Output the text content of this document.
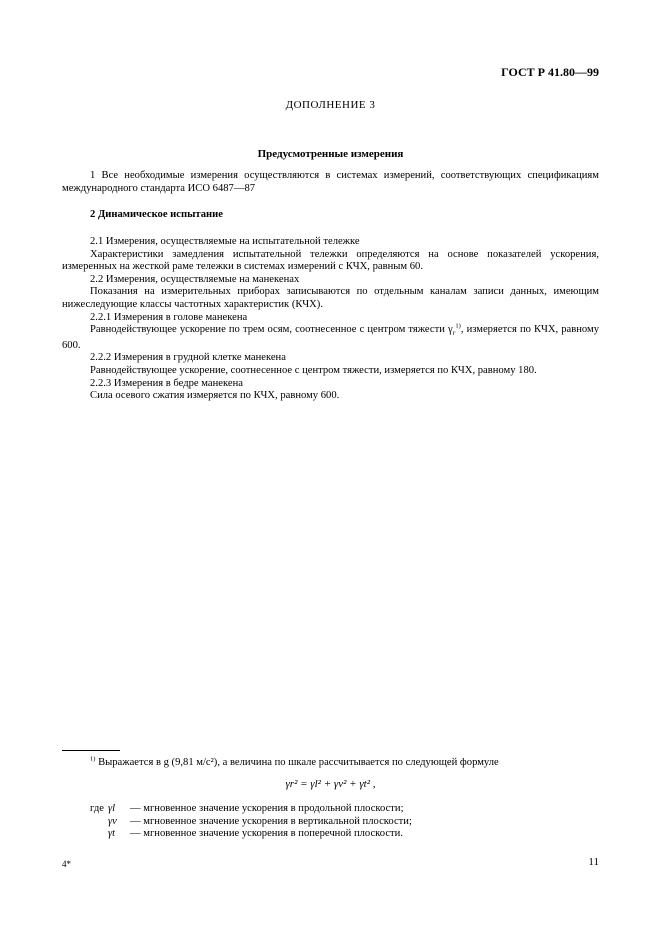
ГОСТ Р 41.80—99
ДОПОЛНЕНИЕ 3
Предусмотренные измерения

1 Все необходимые измерения осуществляются в системах измерений, соответствующих спецификациям международного стандарта ИСО 6487—87

2 Динамическое испытание

2.1 Измерения, осуществляемые на испытательной тележке

Характеристики замедления испытательной тележки определяются на основе показателей ускорения, измеренных на жесткой раме тележки в системах измерений с КЧХ, равным 60.

2.2 Измерения, осуществляемые на манекенах

Показания на измерительных приборах записываются по отдельным каналам записи данных, имеющим нижеследующие классы частотных характеристик (КЧХ).

2.2.1 Измерения в голове манекена

Равнодействующее ускорение по трем осям, соотнесенное с центром тяжести $\gamma_r^{1)}$, измеряется по КЧХ, равному 600.

2.2.2 Измерения в грудной клетке манекена

Равнодействующее ускорение, соотнесенное с центром тяжести, измеряется по КЧХ, равному 180.

2.2.3 Измерения в бедре манекена

Сила осевого сжатия измеряется по КЧХ, равному 600.

$^{1)}$ Выражается в g (9,81 м/с²), а величина по шкале рассчитывается по следующей формуле

γr² = γl² + γv² + γt² ,
где	γl	— мгновенное значение ускорения в продольной плоскости;
	γv	— мгновенное значение ускорения в вертикальной плоскости;
	γt	— мгновенное значение ускорения в поперечной плоскости.
4*	11
